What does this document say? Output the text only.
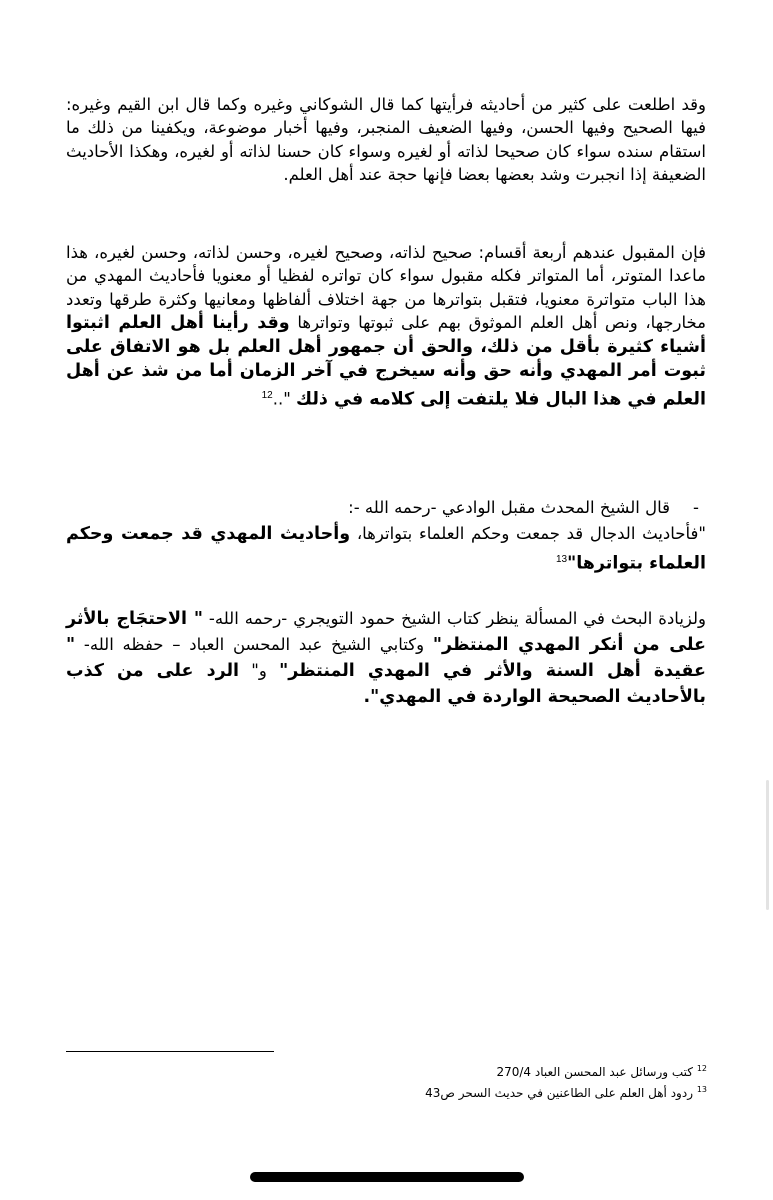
وقد اطلعت على كثير من أحاديثه فرأيتها كما قال الشوكاني وغيره وكما قال ابن القيم وغيره: فيها الصحيح وفيها الحسن، وفيها الضعيف المنجبر، وفيها أخبار موضوعة، ويكفينا من ذلك ما استقام سنده سواء كان صحيحا لذاته أو لغيره وسواء كان حسنا لذاته أو لغيره، وهكذا الأحاديث الضعيفة إذا انجبرت وشد بعضها بعضا فإنها حجة عند أهل العلم.
فإن المقبول عندهم أربعة أقسام: صحيح لذاته، وصحيح لغيره، وحسن لذاته، وحسن لغيره، هذا ماعدا المتوتر، أما المتواتر فكله مقبول سواء كان تواتره لفظيا أو معنويا فأحاديث المهدي من هذا الباب متواترة معنويا، فتقبل بتواترها من جهة اختلاف ألفاظها ومعانيها وكثرة طرقها وتعدد مخارجها، ونص أهل العلم الموثوق بهم على ثبوتها وتواترها وقد رأينا أهل العلم اثبتوا أشياء كثيرة بأقل من ذلك، والحق أن جمهور أهل العلم بل هو الاتفاق على ثبوت أمر المهدي وأنه حق وأنه سيخرج في آخر الزمان أما من شذ عن أهل العلم في هذا البال فلا يلتفت إلى كلامه في ذلك "..$^{12}$
-
قال الشيخ المحدث مقبل الوادعي -رحمه الله -:
"فأحاديث الدجال قد جمعت وحكم العلماء بتواترها، وأحاديث المهدي قد جمعت وحكم العلماء بتواترها"$^{13}$
ولزيادة البحث في المسألة ينظر كتاب الشيخ حمود التويجري -رحمه الله- " الاحتجَاج بالأثر على من أنكر المهدي المنتظر" وكتابي الشيخ عبد المحسن العباد – حفظه الله- " عقيدة أهل السنة والأثر في المهدي المنتظر" و" الرد على من كذب بالأحاديث الصحيحة الواردة في المهدي".
$^{12}$ كتب ورسائل عبد المحسن العباد 270/4
$^{13}$ ردود أهل العلم على الطاعنين في حديث السحر ص43
